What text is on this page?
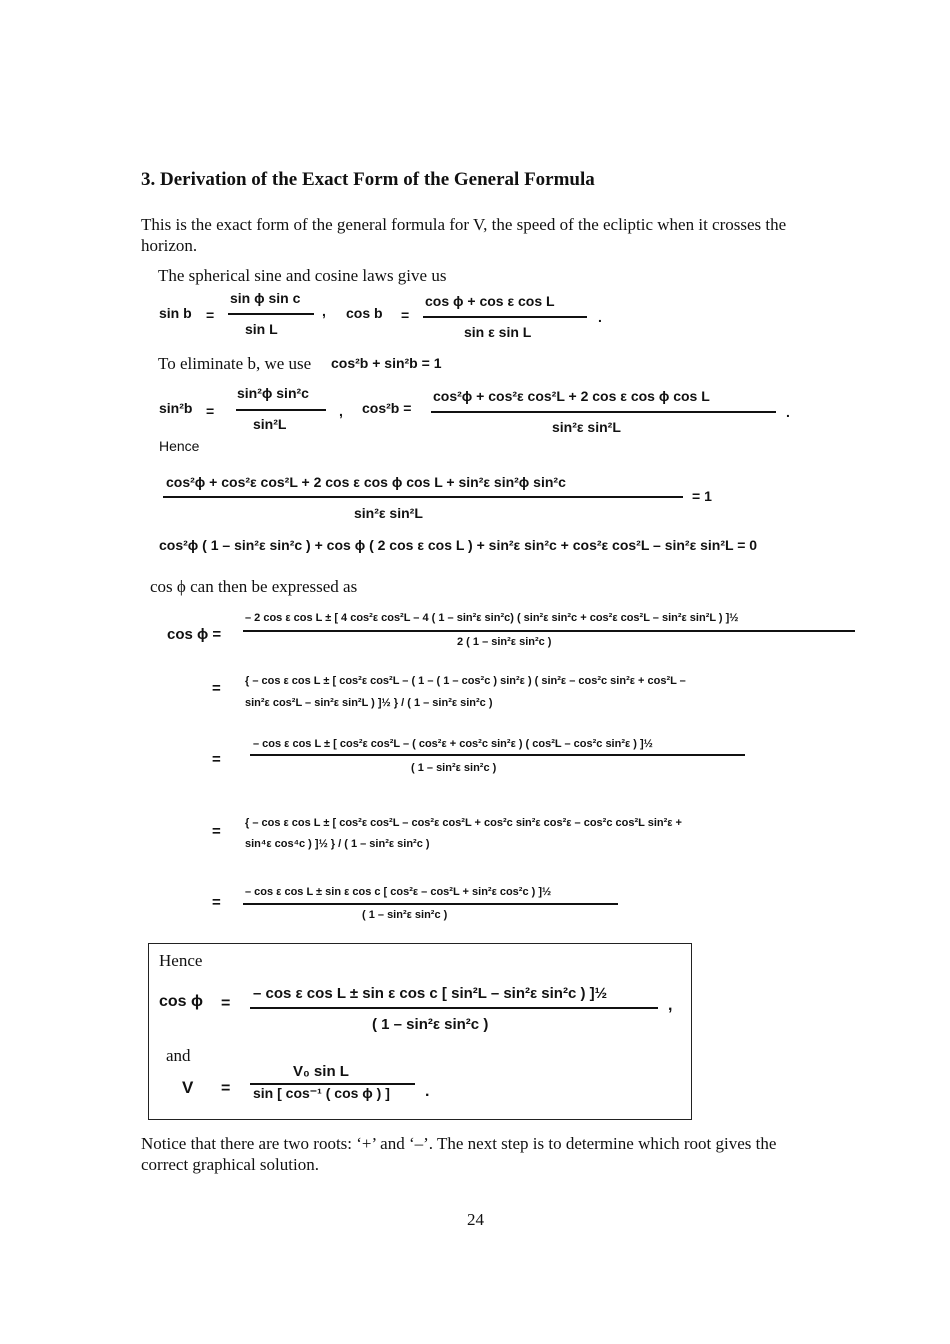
3. Derivation of the Exact Form of the General Formula
This is the exact form of the general formula for V, the speed of the ecliptic when it crosses the horizon.
The spherical sine and cosine laws give us
sin b =
sin ϕ sin c
sin L
, cos b =
cos ϕ + cos ε cos L
sin ε sin L
.
To eliminate b, we use cos²b + sin²b = 1
sin²b =
sin²ϕ sin²c
sin²L
, cos²b =
cos²ϕ + cos²ε cos²L + 2 cos ε cos ϕ cos L
sin²ε sin²L
.
Hence
cos²ϕ + cos²ε cos²L + 2 cos ε cos ϕ cos L + sin²ε sin²ϕ sin²c
sin²ε sin²L
= 1
cos²ϕ ( 1 – sin²ε sin²c ) + cos ϕ ( 2 cos ε cos L ) + sin²ε sin²c + cos²ε cos²L – sin²ε sin²L = 0
cos ϕ can then be expressed as
cos ϕ =
– 2 cos ε cos L ± [ 4 cos²ε cos²L – 4 ( 1 – sin²ε sin²c) ( sin²ε sin²c + cos²ε cos²L – sin²ε sin²L ) ]½
2 ( 1 – sin²ε sin²c )
= { – cos ε cos L ± [ cos²ε cos²L – ( 1 – ( 1 – cos²c ) sin²ε ) ( sin²ε – cos²c sin²ε + cos²L –
sin²ε cos²L – sin²ε sin²L ) ]½ } / ( 1 – sin²ε sin²c )
=
– cos ε cos L ± [ cos²ε cos²L – ( cos²ε + cos²c sin²ε ) ( cos²L – cos²c sin²ε ) ]½
( 1 – sin²ε sin²c )
= { – cos ε cos L ± [ cos²ε cos²L – cos²ε cos²L + cos²c sin²ε cos²ε – cos²c cos²L sin²ε +
sin⁴ε cos⁴c ) ]½ } / ( 1 – sin²ε sin²c )
=
– cos ε cos L ± sin ε cos c [ cos²ε – cos²L + sin²ε cos²c ) ]½
( 1 – sin²ε sin²c )
Hence
cos ϕ =
– cos ε cos L ± sin ε cos c [ sin²L – sin²ε sin²c ) ]½
( 1 – sin²ε sin²c )
,
and
V =
V₀ sin L
sin [ cos⁻¹ ( cos ϕ ) ] .
Notice that there are two roots: ‘+’ and ‘–’. The next step is to determine which root gives the correct graphical solution.
24
